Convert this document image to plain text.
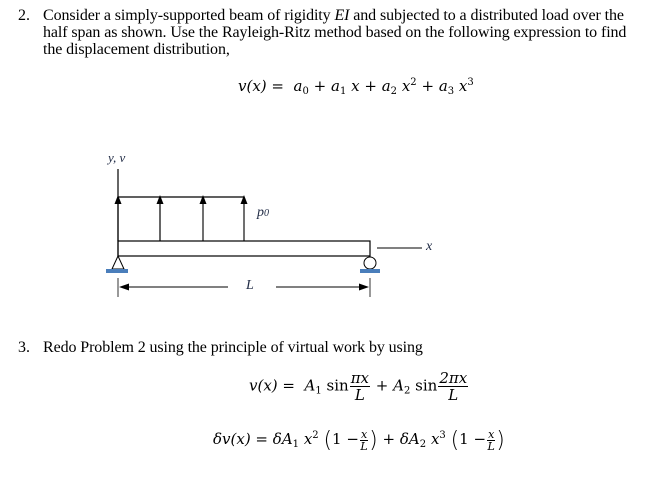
2. Consider a simply-supported beam of rigidity EI and subjected to a distributed load over the
half span as shown. Use the Rayleigh-Ritz method based on the following expression to find
the displacement distribution,
$v(x) = a_0 + a_1$ $x + a_2$ $x^2 + a_3$ $x^3$
y, v
p0
x
L
3. Redo Problem 2 using the principle of virtual work by using
$v(x) = A_1$ $\sin \frac{\pi x}{L} + A_2$ $\sin \frac{2\pi x}{L}$
$\delta v(x) = \delta A_1$ $x^2$ ($1 - \frac{x}{L}$ ) + $\delta A_2$ $x^3$ ($1 - \frac{x}{L}$ )
